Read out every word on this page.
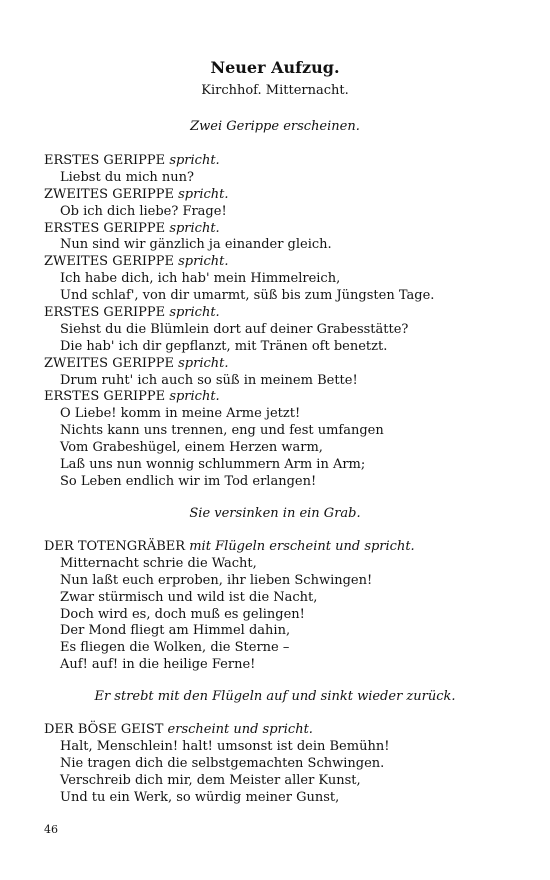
Neuer Aufzug.
Kirchhof. Mitternacht.
Zwei Gerippe erscheinen.
ERSTES GERIPPE spricht.
Liebst du mich nun?
ZWEITES GERIPPE spricht.
Ob ich dich liebe? Frage!
ERSTES GERIPPE spricht.
Nun sind wir gänzlich ja einander gleich.
ZWEITES GERIPPE spricht.
Ich habe dich, ich hab' mein Himmelreich,
Und schlaf', von dir umarmt, süß bis zum Jüngsten Tage.
ERSTES GERIPPE spricht.
Siehst du die Blümlein dort auf deiner Grabesstätte?
Die hab' ich dir gepflanzt, mit Tränen oft benetzt.
ZWEITES GERIPPE spricht.
Drum ruht' ich auch so süß in meinem Bette!
ERSTES GERIPPE spricht.
O Liebe! komm in meine Arme jetzt!
Nichts kann uns trennen, eng und fest umfangen
Vom Grabeshügel, einem Herzen warm,
Laß uns nun wonnig schlummern Arm in Arm;
So Leben endlich wir im Tod erlangen!
Sie versinken in ein Grab.
DER TOTENGRÄBER mit Flügeln erscheint und spricht.
Mitternacht schrie die Wacht,
Nun laßt euch erproben, ihr lieben Schwingen!
Zwar stürmisch und wild ist die Nacht,
Doch wird es, doch muß es gelingen!
Der Mond fliegt am Himmel dahin,
Es fliegen die Wolken, die Sterne –
Auf! auf! in die heilige Ferne!
Er strebt mit den Flügeln auf und sinkt wieder zurück.
DER BÖSE GEIST erscheint und spricht.
Halt, Menschlein! halt! umsonst ist dein Bemühn!
Nie tragen dich die selbstgemachten Schwingen.
Verschreib dich mir, dem Meister aller Kunst,
Und tu ein Werk, so würdig meiner Gunst,
46
